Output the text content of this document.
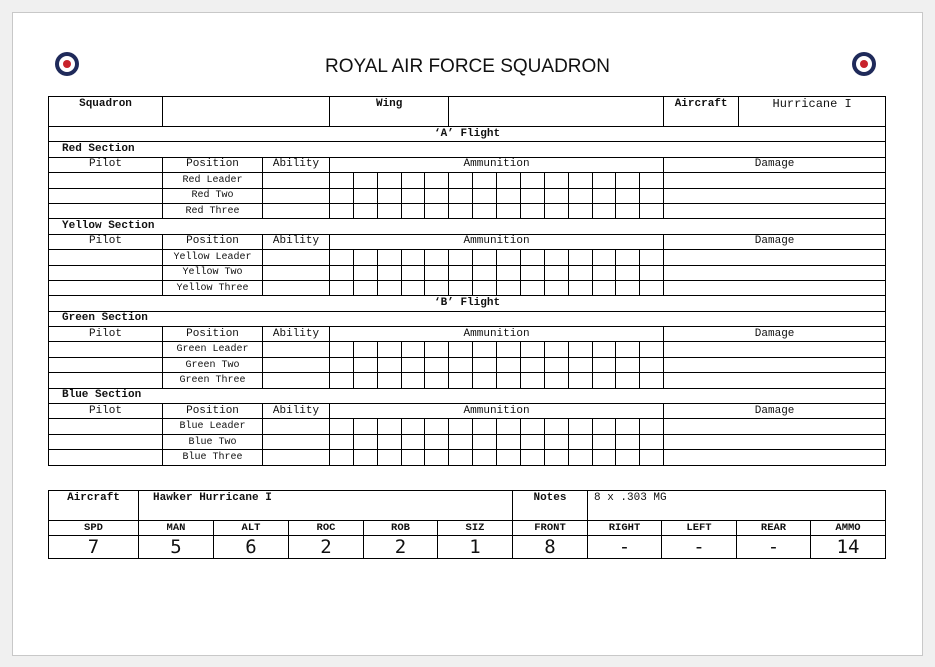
ROYAL AIR FORCE SQUADRON
Squadron			Wing														Aircraft	Hurricane I
‘A’ Flight																		
Red Section																		
Pilot	Position	Ability	Ammunition														Damage	
	Red Leader																	
	Red Two																	
	Red Three																	
Yellow Section																		
Pilot	Position	Ability	Ammunition														Damage	
	Yellow Leader																	
	Yellow Two																	
	Yellow Three																	
‘B’ Flight																		
Green Section																		
Pilot	Position	Ability	Ammunition														Damage	
	Green Leader																	
	Green Two																	
	Green Three																	
Blue Section																		
Pilot	Position	Ability	Ammunition														Damage	
	Blue Leader																	
	Blue Two																	
	Blue Three																	
Aircraft	Hawker Hurricane I					Notes	8 x .303 MG			
SPD	MAN	ALT	ROC	ROB	SIZ	FRONT	RIGHT	LEFT	REAR	AMMO
7	5	6	2	2	1	8	-	-	-	14
